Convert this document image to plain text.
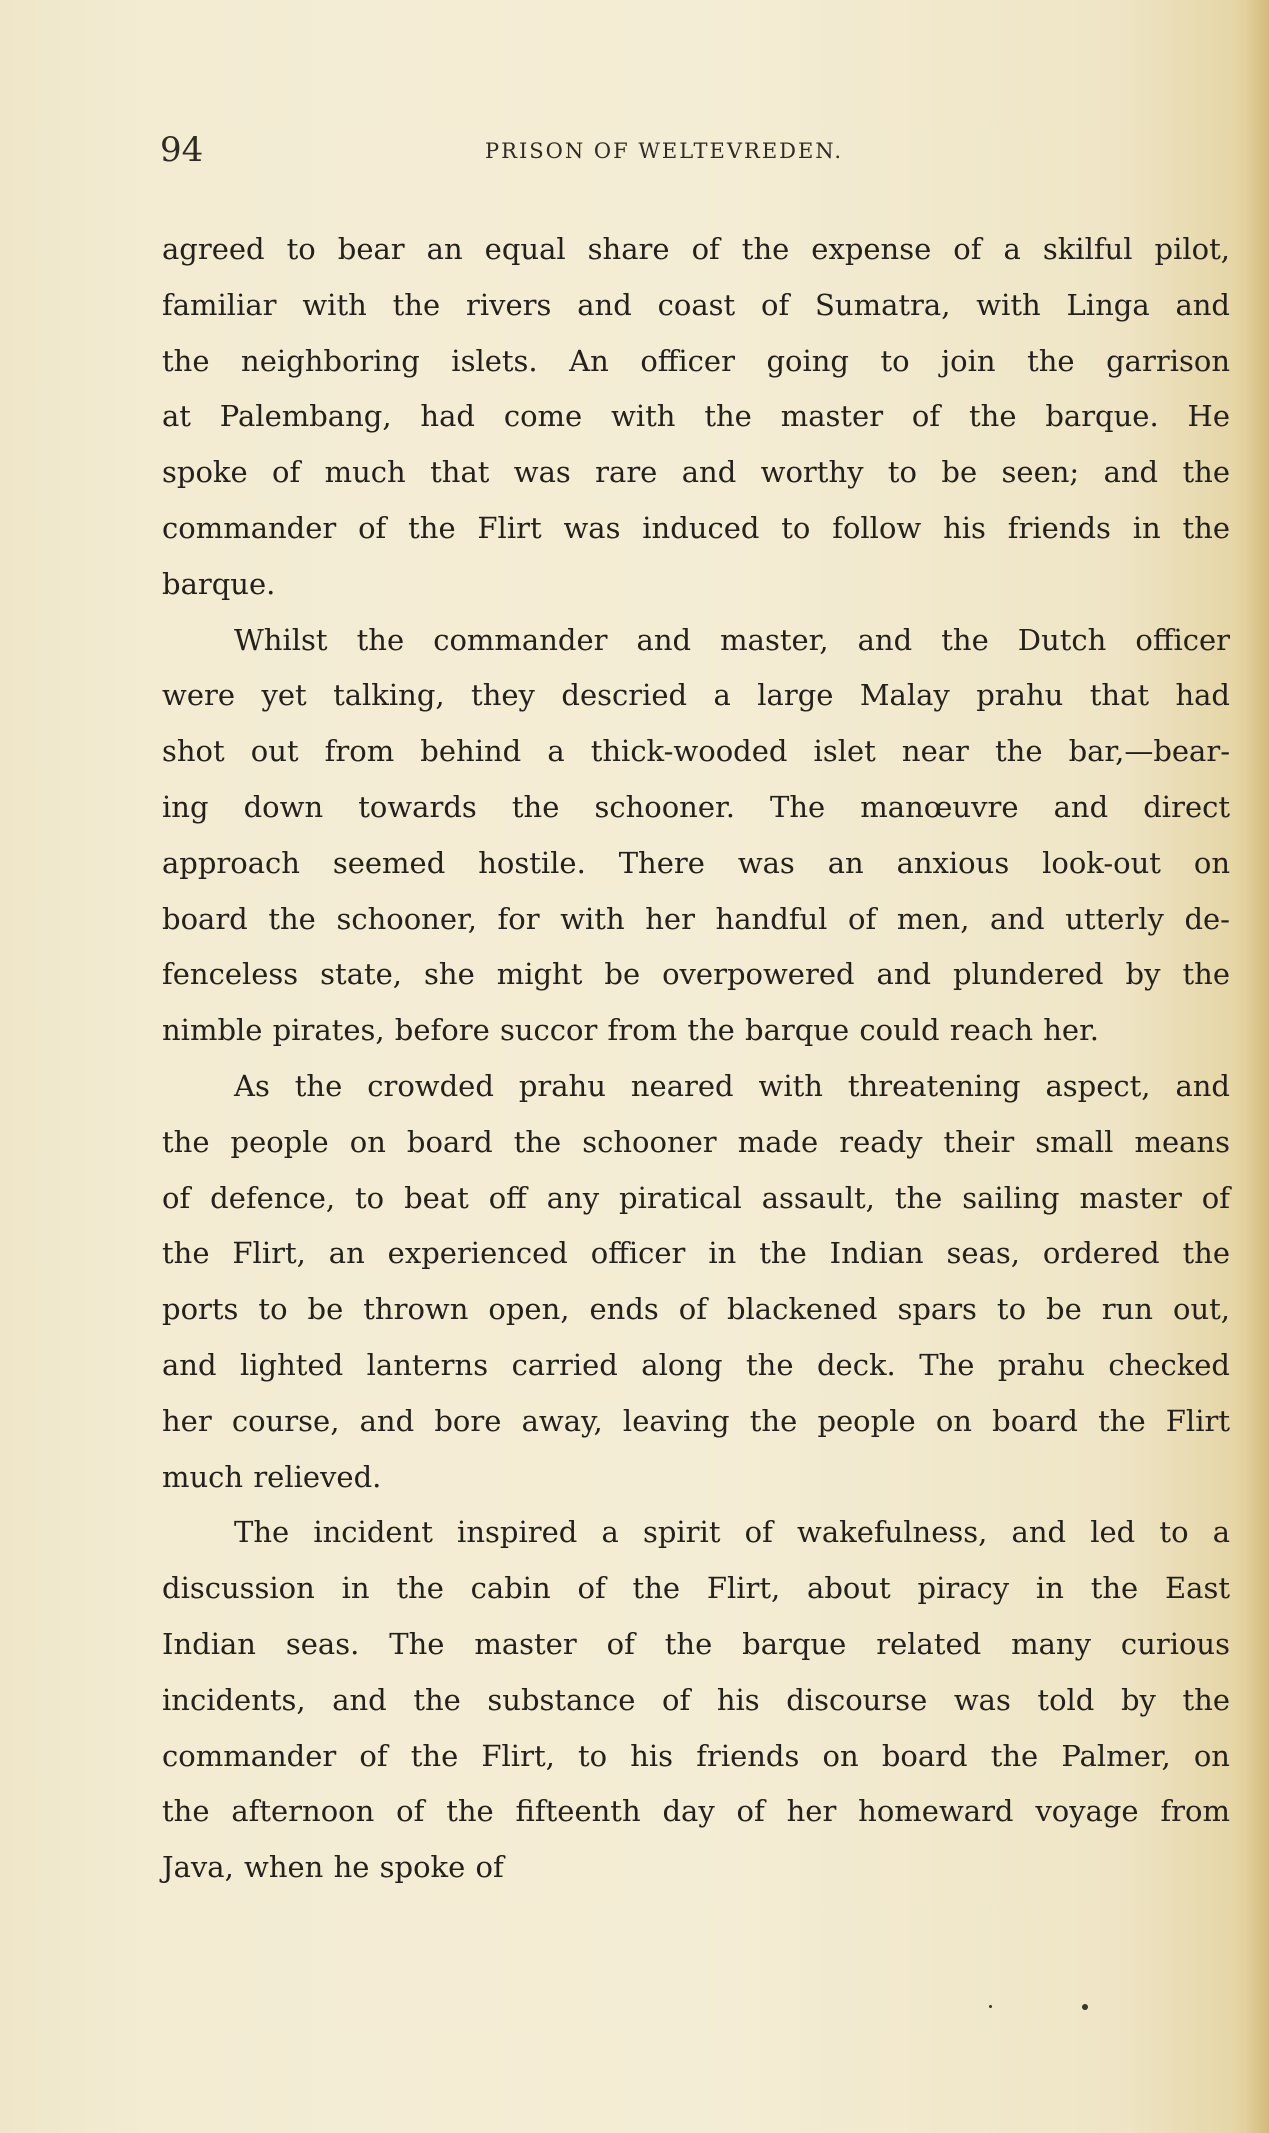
94	PRISON OF WELTEVREDEN.

agreed to bear an equal share of the expense of a skilful pilot,

familiar with the rivers and coast of Sumatra, with Linga and

the neighboring islets. An officer going to join the garrison

at Palembang, had come with the master of the barque. He

spoke of much that was rare and worthy to be seen; and the

commander of the Flirt was induced to follow his friends in the

barque.

Whilst the commander and master, and the Dutch officer

were yet talking, they descried a large Malay prahu that had

shot out from behind a thick-wooded islet near the bar,—bear-

ing down towards the schooner. The manœuvre and direct

approach seemed hostile. There was an anxious look-out on

board the schooner, for with her handful of men, and utterly de-

fenceless state, she might be overpowered and plundered by the

nimble pirates, before succor from the barque could reach her.

As the crowded prahu neared with threatening aspect, and

the people on board the schooner made ready their small means

of defence, to beat off any piratical assault, the sailing master of

the Flirt, an experienced officer in the Indian seas, ordered the

ports to be thrown open, ends of blackened spars to be run out,

and lighted lanterns carried along the deck. The prahu checked

her course, and bore away, leaving the people on board the Flirt

much relieved.

The incident inspired a spirit of wakefulness, and led to a

discussion in the cabin of the Flirt, about piracy in the East

Indian seas. The master of the barque related many curious

incidents, and the substance of his discourse was told by the

commander of the Flirt, to his friends on board the Palmer, on

the afternoon of the fifteenth day of her homeward voyage from

Java, when he spoke of
